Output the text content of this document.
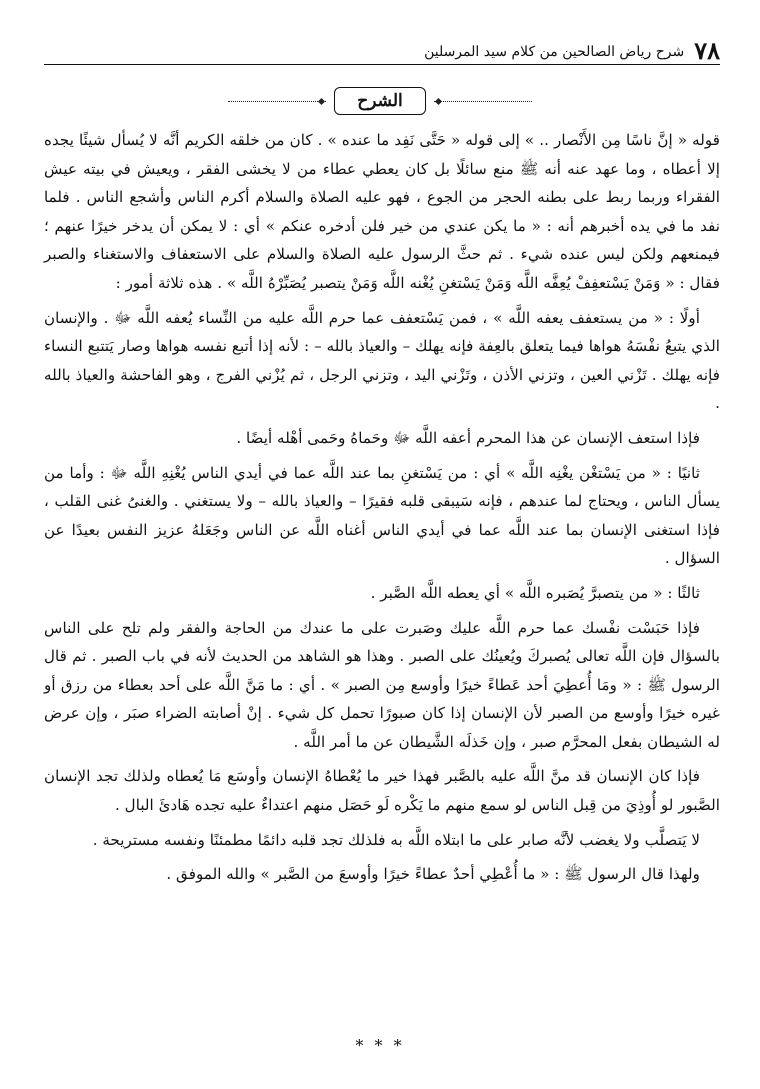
٧٨
شرح رياض الصالحين من كلام سيد المرسلين
الشرح

قوله « إنَّ ناسًا مِن الأَنْصار .. » إلى قوله « حَتَّى نَفِد ما عنده » . كان من خلقه الكريم أنَّه لا يُسأل شيئًا يجده إلا أعطاه ، وما عهد عنه أنه ﷺ منع سائلًا بل كان يعطي عطاء من لا يخشى الفقر ، ويعيش في بيته عيش الفقراء وربما ربط على بطنه الحجر من الجوع ، فهو عليه الصلاة والسلام أكرم الناس وأشجع الناس . فلما نفد ما في يده أخبرهم أنه : « ما يكن عندي من خير فلن أدخره عنكم » أي : لا يمكن أن يدخر خيرًا عنهم ؛ فيمنعهم ولكن ليس عنده شيء . ثم حثَّ الرسول عليه الصلاة والسلام على الاستعفاف والاستغناء والصبر فقال : « وَمَنْ يَسْتعفِفْ يُعِفَّه اللَّه وَمَنْ يَسْتغنِ يُغْنه اللَّه وَمَنْ يتصبر يُصَبِّرْهُ اللَّه » . هذه ثلاثة أمور :

أولًا : « من يستعفف يعفه اللَّه » ، فمن يَسْتعفف عما حرم اللَّه عليه من النِّساء يُعفه اللَّه ﷻ . والإنسان الذي يتبعُ نفْسَهُ هواها فيما يتعلق بالعِفة فإنه يهلك – والعياذ بالله – : لأنه إذا أتبع نفسه هواها وصار يَتتبع النساء فإنه يهلك . تَزْني العين ، وتزني الأذن ، وتَزْني اليد ، وتزني الرجل ، ثم يُزْني الفرج ، وهو الفاحشة والعياذ بالله .

فإذا استعف الإنسان عن هذا المحرم أعفه اللَّه ﷻ وحَماهُ وحَمى أهْله أيضًا .

ثانيًا : « من يَسْتغْن يغْنِه اللَّه » أي : من يَسْتغنِ بما عند اللَّه عما في أيدي الناس يُغْنِهِ اللَّه ﷻ : وأما من يسأل الناس ، ويحتاج لما عندهم ، فإنه سَيبقى قلبه فقيرًا – والعياذ بالله – ولا يستغني . والغنىُ غنى القلب ، فإذا استغنى الإنسان بما عند اللَّه عما في أيدي الناس أغناه اللَّه عن الناس وجَعَلهُ عزيز النفس بعيدًا عن السؤال .

ثالثًا : « من يتصبرَّ يُصَبره اللَّه » أي يعطه اللَّه الصَّبر .

فإذا حَبَسْت نفْسك عما حرم اللَّه عليك وصَبرت على ما عندك من الحاجة والفقر ولم تلح على الناس بالسؤال فإن اللَّه تعالى يُصبركَ ويُعينُك على الصبر . وهذا هو الشاهد من الحديث لأنه في باب الصبر . ثم قال الرسول ﷺ : « ومَا أُعطِيَ أحد عَطاءً خيرًا وأوسع مِن الصبر » . أي : ما مَنَّ اللَّه على أحد بعطاء من رزق أو غيره خيرًا وأوسع من الصبر لأن الإنسان إذا كان صبورًا تحمل كل شيء . إنْ أصابته الضراء صبَر ، وإن عرض له الشيطان بفعل المحرَّم صبر ، وإن خَذلَه الشَّيطان عن ما أمر اللَّه .

فإذا كان الإنسان قد منَّ اللَّه عليه بالصَّبر فهذا خير ما يُعْطاهُ الإنسان وأوسَع مَا يُعطاه ولذلك تجد الإنسان الصَّبور لو أُوذِيَ من قِبل الناس لو سمع منهم ما يَكْره لَو حَصَل منهم اعتداءٌ عليه تجده هَادئَ البال .

لا يَتصلَّب ولا يغضب لأنَّه صابر على ما ابتلاه اللَّه به فلذلك تجد قلبه دائمًا مطمئنًا ونفسه مستريحة .

ولهذا قال الرسول ﷺ : « ما أُعْطِي أحدٌ عطاءً خيرًا وأوسعَ من الصَّبر » والله الموفق .

* * *
